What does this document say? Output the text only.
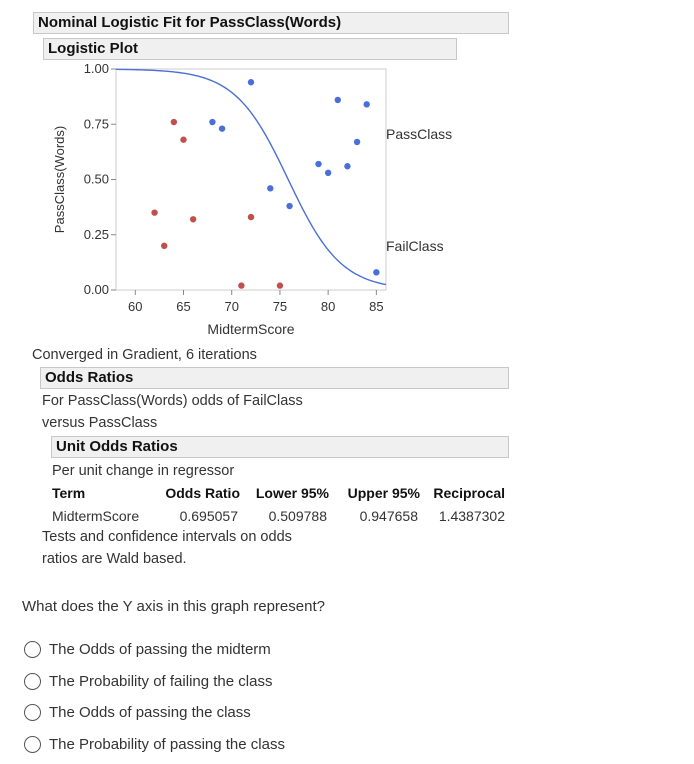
Nominal Logistic Fit for PassClass(Words)
Logistic Plot
0.00
0.25
0.50
0.75
1.00
60	65	70	75	80	85
MidtermScore
PassClass(Words)	PassClass
FailClass
Converged in Gradient, 6 iterations
Odds Ratios
For PassClass(Words) odds of FailClass
versus PassClass
Unit Odds Ratios
Per unit change in regressor
Term	Odds Ratio	Lower 95%	Upper 95%	Reciprocal
MidtermScore	0.695057	0.509788	0.947658	1.4387302
Tests and confidence intervals on odds
ratios are Wald based.
What does the Y axis in this graph represent?
The Odds of passing the midterm
The Probability of failing the class
The Odds of passing the class
The Probability of passing the class
